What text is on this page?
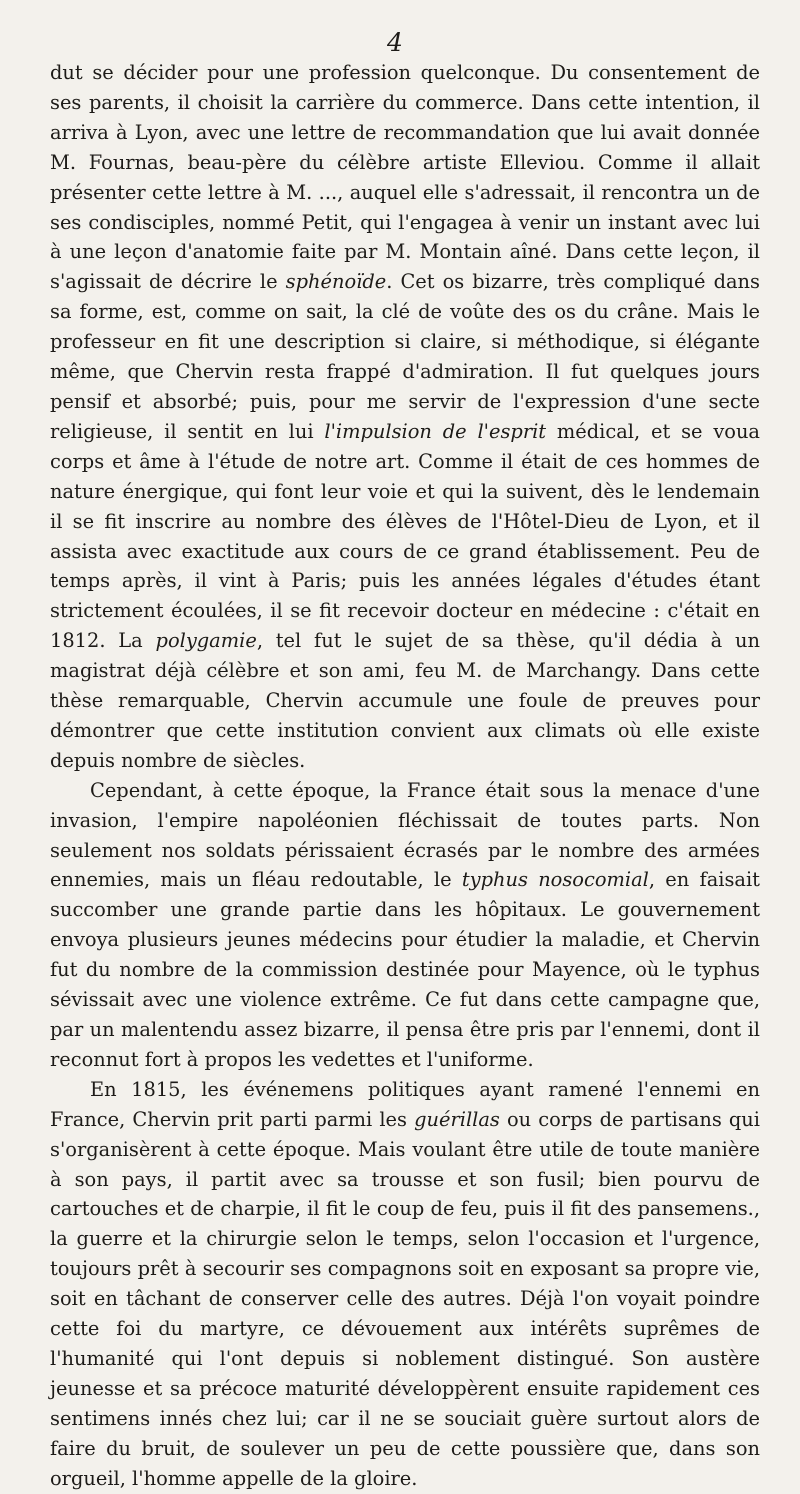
4

dut se décider pour une profession quelconque. Du consentement de ses parents, il choisit la carrière du commerce. Dans cette intention, il arriva à Lyon, avec une lettre de recommandation que lui avait donnée M. Fournas, beau-père du célèbre artiste Elleviou. Comme il allait présenter cette lettre à M. ..., auquel elle s'adressait, il rencontra un de ses condisciples, nommé Petit, qui l'engagea à venir un instant avec lui à une leçon d'anatomie faite par M. Montain aîné. Dans cette leçon, il s'agissait de décrire le sphénoïde. Cet os bizarre, très compliqué dans sa forme, est, comme on sait, la clé de voûte des os du crâne. Mais le professeur en fit une description si claire, si méthodique, si élégante même, que Chervin resta frappé d'admiration. Il fut quelques jours pensif et absorbé; puis, pour me servir de l'expression d'une secte religieuse, il sentit en lui l'impulsion de l'esprit médical, et se voua corps et âme à l'étude de notre art. Comme il était de ces hommes de nature énergique, qui font leur voie et qui la suivent, dès le lendemain il se fit inscrire au nombre des élèves de l'Hôtel-Dieu de Lyon, et il assista avec exactitude aux cours de ce grand établissement. Peu de temps après, il vint à Paris; puis les années légales d'études étant strictement écoulées, il se fit recevoir docteur en médecine : c'était en 1812. La polygamie, tel fut le sujet de sa thèse, qu'il dédia à un magistrat déjà célèbre et son ami, feu M. de Marchangy. Dans cette thèse remarquable, Chervin accumule une foule de preuves pour démontrer que cette institution convient aux climats où elle existe depuis nombre de siècles.

Cependant, à cette époque, la France était sous la menace d'une invasion, l'empire napoléonien fléchissait de toutes parts. Non seulement nos soldats périssaient écrasés par le nombre des armées ennemies, mais un fléau redoutable, le typhus nosocomial, en faisait succomber une grande partie dans les hôpitaux. Le gouvernement envoya plusieurs jeunes médecins pour étudier la maladie, et Chervin fut du nombre de la commission destinée pour Mayence, où le typhus sévissait avec une violence extrême. Ce fut dans cette campagne que, par un malentendu assez bizarre, il pensa être pris par l'ennemi, dont il reconnut fort à propos les vedettes et l'uniforme.

En 1815, les événemens politiques ayant ramené l'ennemi en France, Chervin prit parti parmi les guérillas ou corps de partisans qui s'organisèrent à cette époque. Mais voulant être utile de toute manière à son pays, il partit avec sa trousse et son fusil; bien pourvu de cartouches et de charpie, il fit le coup de feu, puis il fit des pansemens., la guerre et la chirurgie selon le temps, selon l'occasion et l'urgence, toujours prêt à secourir ses compagnons soit en exposant sa propre vie, soit en tâchant de conserver celle des autres. Déjà l'on voyait poindre cette foi du martyre, ce dévouement aux intérêts suprêmes de l'humanité qui l'ont depuis si noblement distingué. Son austère jeunesse et sa précoce maturité développèrent ensuite rapidement ces sentimens innés chez lui; car il ne se souciait guère surtout alors de faire du bruit, de soulever un peu de cette poussière que, dans son orgueil, l'homme appelle de la gloire.
